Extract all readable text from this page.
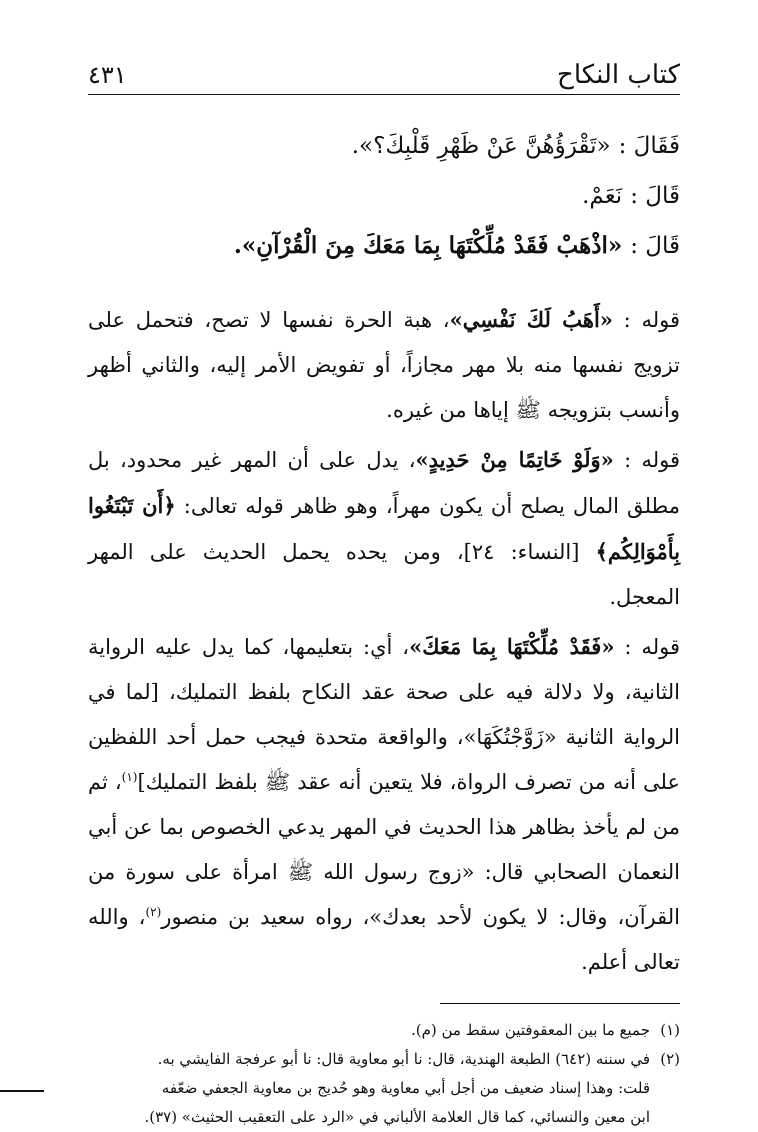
كتاب النكاح
٤٣١
فَقَالَ :«تَقْرَؤُهُنَّ عَنْ ظَهْرِ قَلْبِكَ؟».
قَالَ :نَعَمْ.
قَالَ :«اذْهَبْ فَقَدْ مُلِّكْتَهَا بِمَا مَعَكَ مِنَ الْقُرْآنِ».

قوله : «أَهَبُ لَكَ نَفْسِي»، هبة الحرة نفسها لا تصح، فتحمل على تزويج نفسها منه بلا مهر مجازاً، أو تفويض الأمر إليه، والثاني أظهر وأنسب بتزويجه ﷺ إياها من غيره.

قوله : «وَلَوْ خَاتِمًا مِنْ حَدِيدٍ»، يدل على أن المهر غير محدود، بل مطلق المال يصلح أن يكون مهراً، وهو ظاهر قوله تعالى: ﴿أَن تَبْتَغُوا بِأَمْوَالِكُم﴾ [النساء: ٢٤]، ومن يحده يحمل الحديث على المهر المعجل.

قوله : «فَقَدْ مُلِّكْتَهَا بِمَا مَعَكَ»، أي: بتعليمها، كما يدل عليه الرواية الثانية، ولا دلالة فيه على صحة عقد النكاح بلفظ التمليك، [لما في الرواية الثانية «زَوَّجْتُكَهَا»، والواقعة متحدة فيجب حمل أحد اللفظين على أنه من تصرف الرواة، فلا يتعين أنه عقد ﷺ بلفظ التمليك]$^{(١)}$، ثم من لم يأخذ بظاهر هذا الحديث في المهر يدعي الخصوص بما عن أبي النعمان الصحابي قال: «زوج رسول الله ﷺ امرأة على سورة من القرآن، وقال: لا يكون لأحد بعدك»، رواه سعيد بن منصور$^{(٢)}$، والله تعالى أعلم.

(١)جميع ما بين المعقوفتين سقط من (م).
(٢)في سننه (٦٤٢) الطبعة الهندية، قال: نا أبو معاوية قال: نا أبو عرفجة الفايشي به.
قلت: وهذا إسناد ضعيف من أجل أبي معاوية وهو حُديج بن معاوية الجعفي ضعّفه
ابن معين والنسائي، كما قال العلامة الألباني في «الرد على التعقيب الحثيث» (٣٧).
